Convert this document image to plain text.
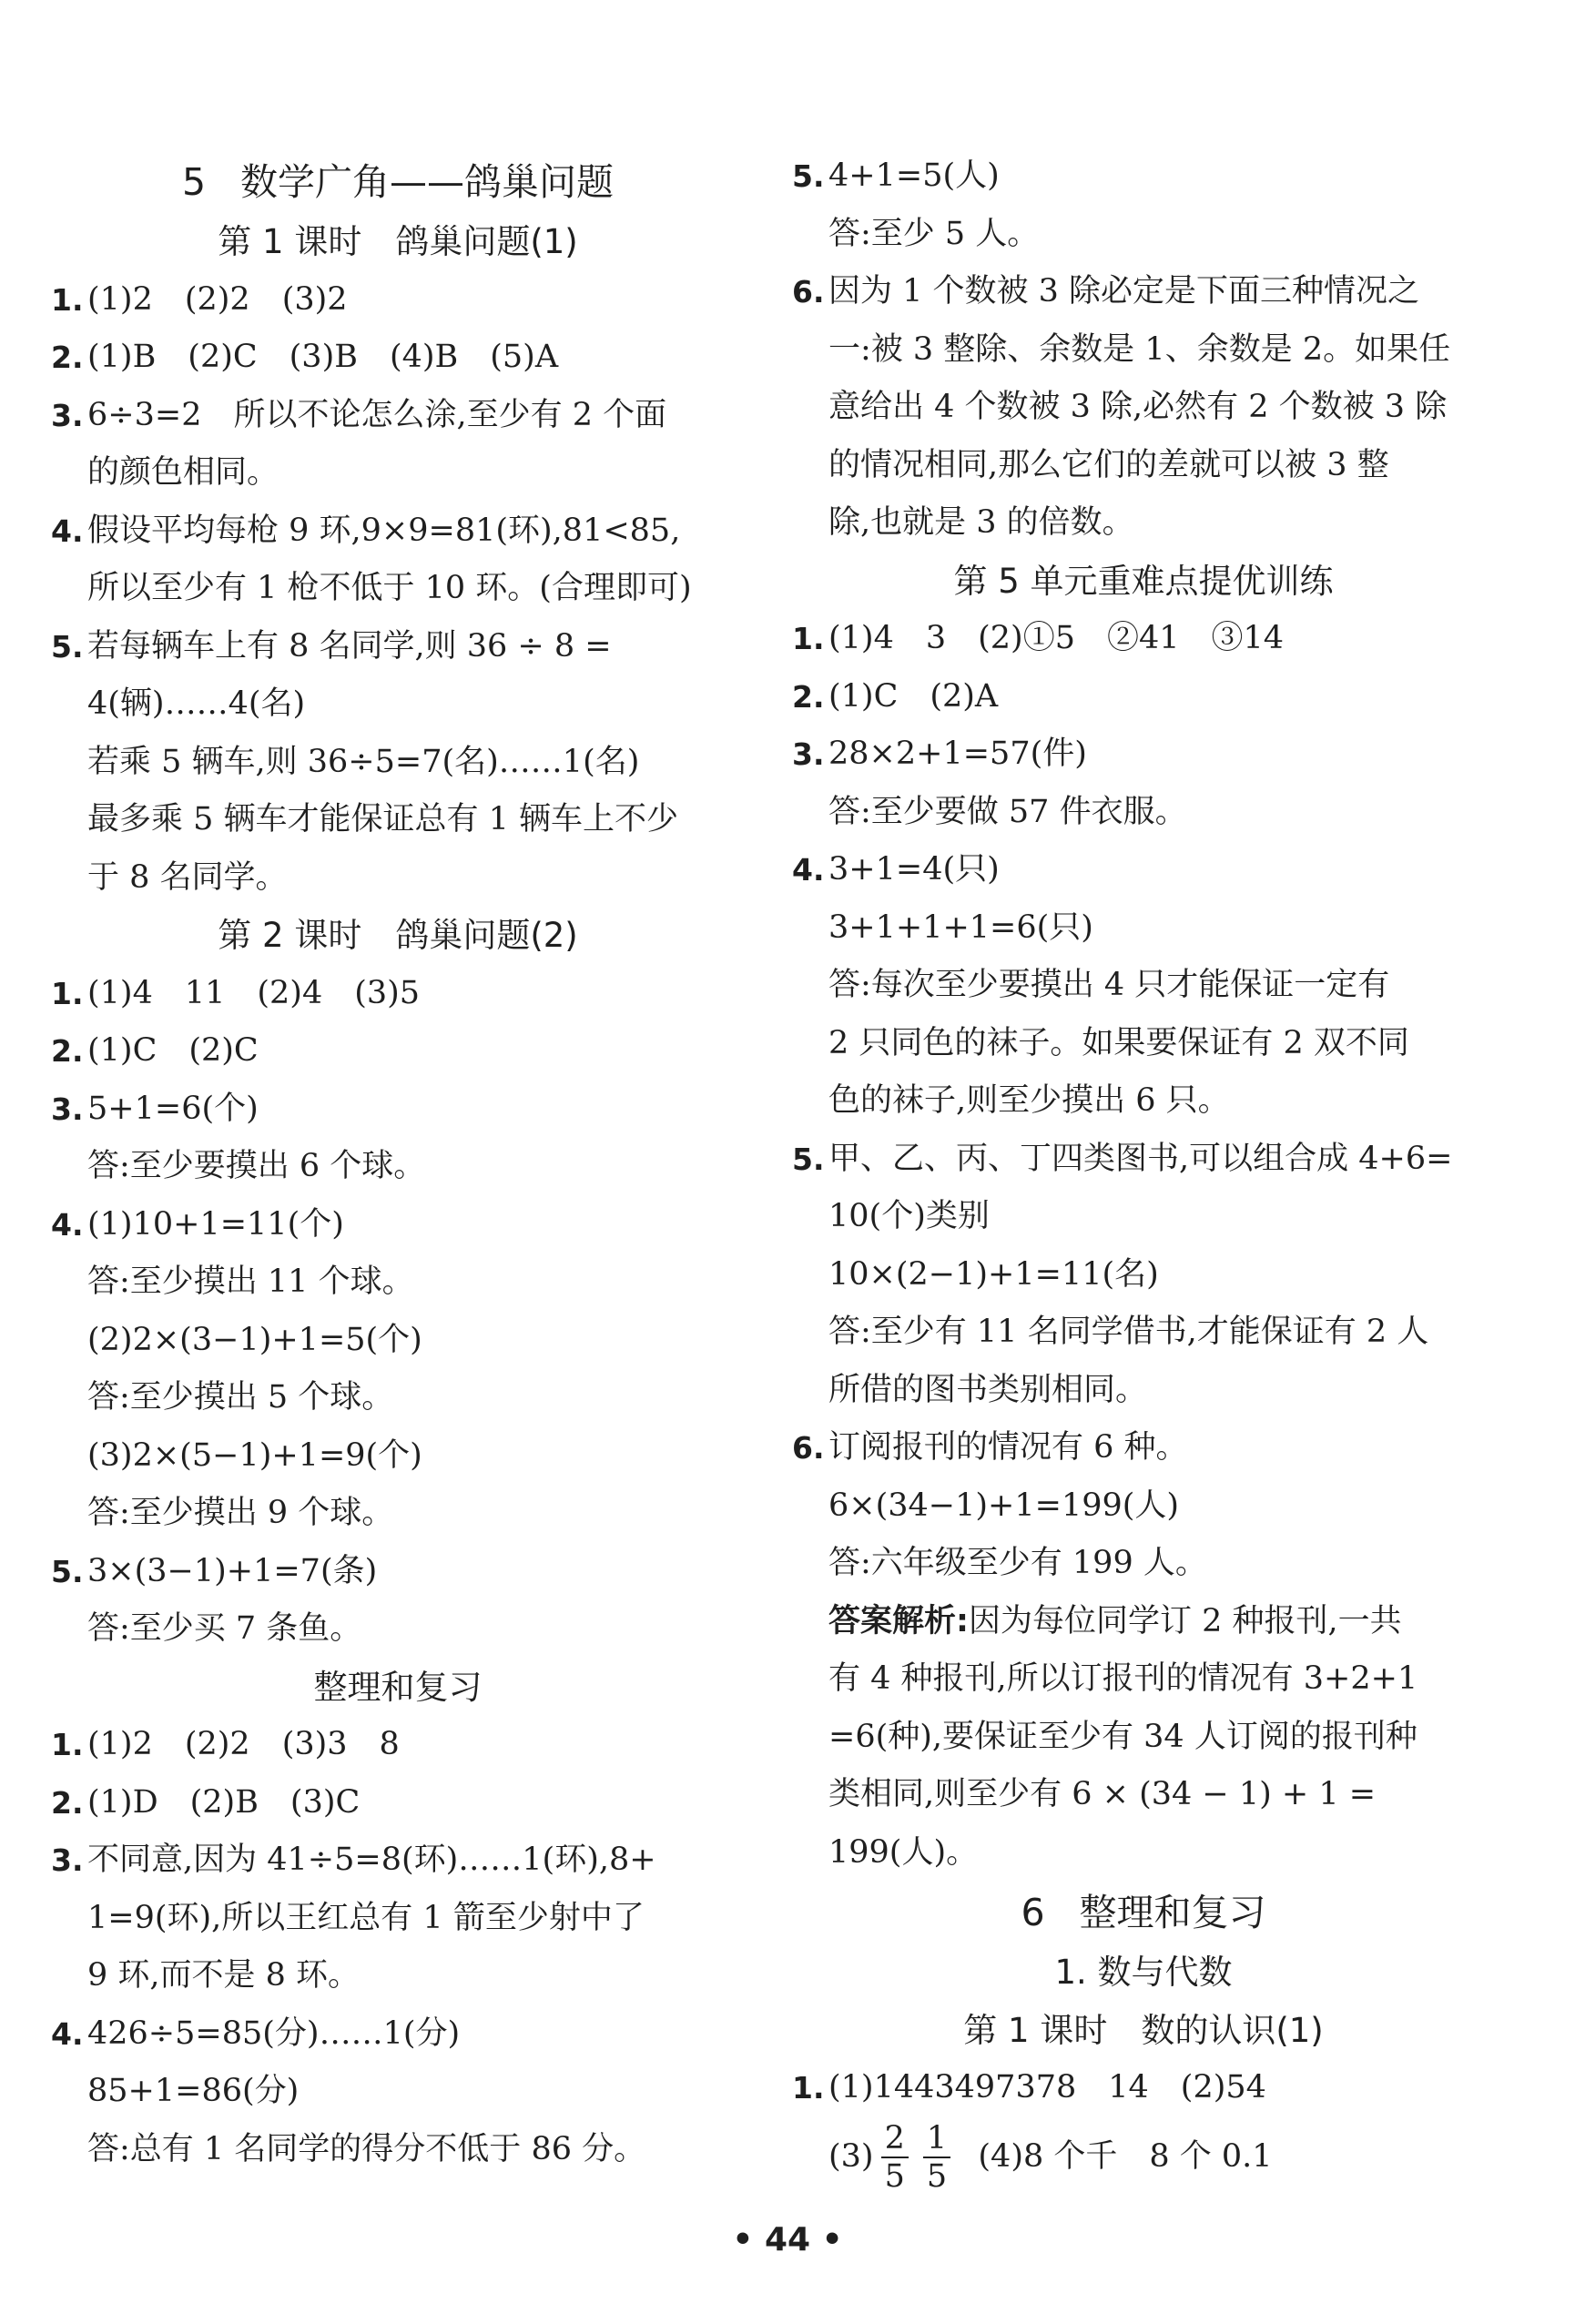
5 数学广角——鸽巢问题
第 1 课时　鸽巢问题(1)
1. (1)2　(2)2　(3)2
2. (1)B　(2)C　(3)B　(4)B　(5)A
3. 6÷3=2　所以不论怎么涂,至少有 2 个面
的颜色相同。
4. 假设平均每枪 9 环,9×9=81(环),81<85,
所以至少有 1 枪不低于 10 环。(合理即可)
5. 若每辆车上有 8 名同学,则 36 ÷ 8 =
4(辆)……4(名)
若乘 5 辆车,则 36÷5=7(名)……1(名)
最多乘 5 辆车才能保证总有 1 辆车上不少
于 8 名同学。
第 2 课时　鸽巢问题(2)
1. (1)4　11　(2)4　(3)5
2. (1)C　(2)C
3. 5+1=6(个)
答:至少要摸出 6 个球。
4. (1)10+1=11(个)
答:至少摸出 11 个球。
(2)2×(3−1)+1=5(个)
答:至少摸出 5 个球。
(3)2×(5−1)+1=9(个)
答:至少摸出 9 个球。
5. 3×(3−1)+1=7(条)
答:至少买 7 条鱼。
整理和复习
1. (1)2　(2)2　(3)3　8
2. (1)D　(2)B　(3)C
3. 不同意,因为 41÷5=8(环)……1(环),8+
1=9(环),所以王红总有 1 箭至少射中了
9 环,而不是 8 环。
4. 426÷5=85(分)……1(分)
85+1=86(分)
答:总有 1 名同学的得分不低于 86 分。
5. 4+1=5(人)
答:至少 5 人。
6. 因为 1 个数被 3 除必定是下面三种情况之
一:被 3 整除、余数是 1、余数是 2。如果任
意给出 4 个数被 3 除,必然有 2 个数被 3 除
的情况相同,那么它们的差就可以被 3 整
除,也就是 3 的倍数。
第 5 单元重难点提优训练
1. (1)4　3　(2)①5　②41　③14
2. (1)C　(2)A
3. 28×2+1=57(件)
答:至少要做 57 件衣服。
4. 3+1=4(只)
3+1+1+1=6(只)
答:每次至少要摸出 4 只才能保证一定有
2 只同色的袜子。如果要保证有 2 双不同
色的袜子,则至少摸出 6 只。
5. 甲、乙、丙、丁四类图书,可以组合成 4+6=
10(个)类别
10×(2−1)+1=11(名)
答:至少有 11 名同学借书,才能保证有 2 人
所借的图书类别相同。
6. 订阅报刊的情况有 6 种。
6×(34−1)+1=199(人)
答:六年级至少有 199 人。
答案解析:因为每位同学订 2 种报刊,一共
有 4 种报刊,所以订报刊的情况有 3+2+1
=6(种),要保证至少有 34 人订阅的报刊种
类相同,则至少有 6 × (34 − 1) + 1 =
199(人)。
6 整理和复习
1. 数与代数
第 1 课时　数的认识(1)
1. (1)1443497378　14　(2)54
$(3) \frac{2}{5} \frac{1}{5} (4)8$ 个千　8 个 0.1
• 44 •
